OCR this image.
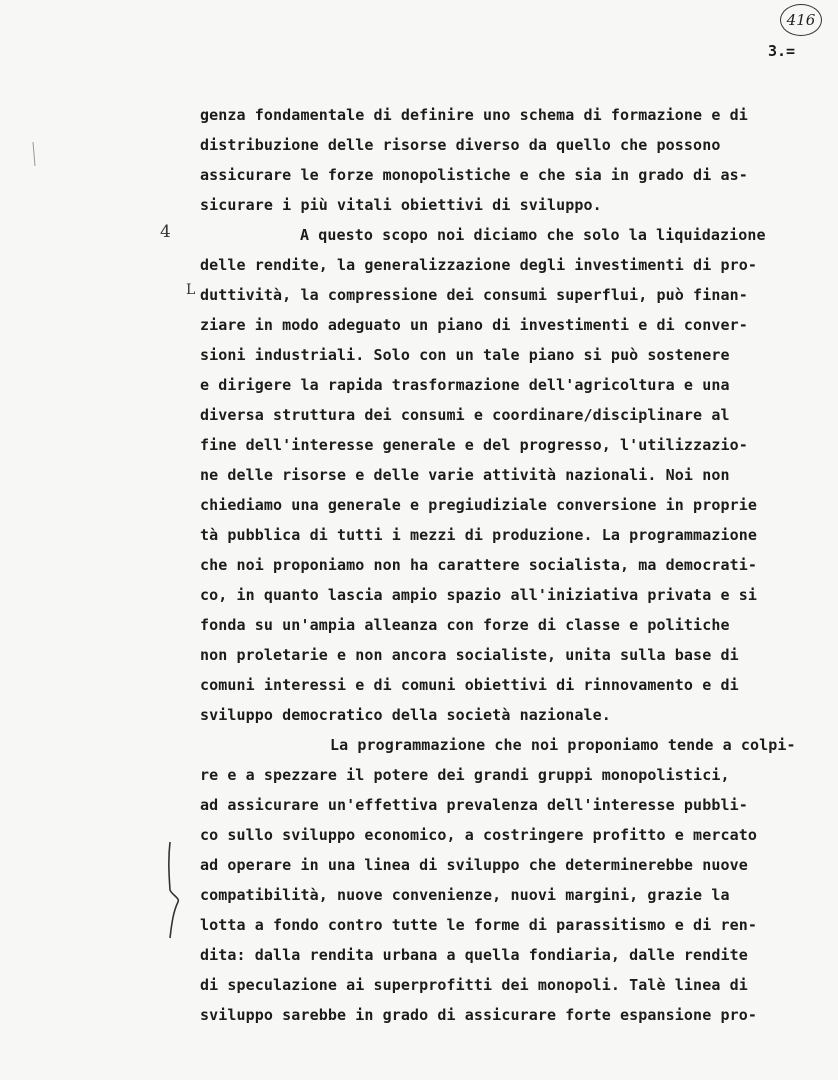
416
3.=
4
L
genza fondamentale di definire uno schema di formazione e di
distribuzione delle risorse diverso da quello che possono
assicurare le forze monopolistiche e che sia in grado di as-
sicurare i più vitali obiettivi di sviluppo.
A questo scopo noi diciamo che solo la liquidazione
delle rendite, la generalizzazione degli investimenti di pro-
duttività, la compressione dei consumi superflui, può finan-
ziare in modo adeguato un piano di investimenti e di conver-
sioni industriali. Solo con un tale piano si può sostenere
e dirigere la rapida trasformazione dell'agricoltura e una
diversa struttura dei consumi e coordinare/disciplinare al
fine dell'interesse generale e del progresso, l'utilizzazio-
ne delle risorse e delle varie attività nazionali. Noi non
chiediamo una generale e pregiudiziale conversione in proprie
tà pubblica di tutti i mezzi di produzione. La programmazione
che noi proponiamo non ha carattere socialista, ma democrati-
co, in quanto lascia ampio spazio all'iniziativa privata e si
fonda su un'ampia alleanza con forze di classe e politiche
non proletarie e non ancora socialiste, unita sulla base di
comuni interessi e di comuni obiettivi di rinnovamento e di
sviluppo democratico della società nazionale.
La programmazione che noi proponiamo tende a colpi-
re e a spezzare il potere dei grandi gruppi monopolistici,
ad assicurare un'effettiva prevalenza dell'interesse pubbli-
co sullo sviluppo economico, a costringere profitto e mercato
ad operare in una linea di sviluppo che determinerebbe nuove
compatibilità, nuove convenienze, nuovi margini, grazie la
lotta a fondo contro tutte le forme di parassitismo e di ren-
dita: dalla rendita urbana a quella fondiaria, dalle rendite
di speculazione ai superprofitti dei monopoli. Talè linea di
sviluppo sarebbe in grado di assicurare forte espansione pro-
